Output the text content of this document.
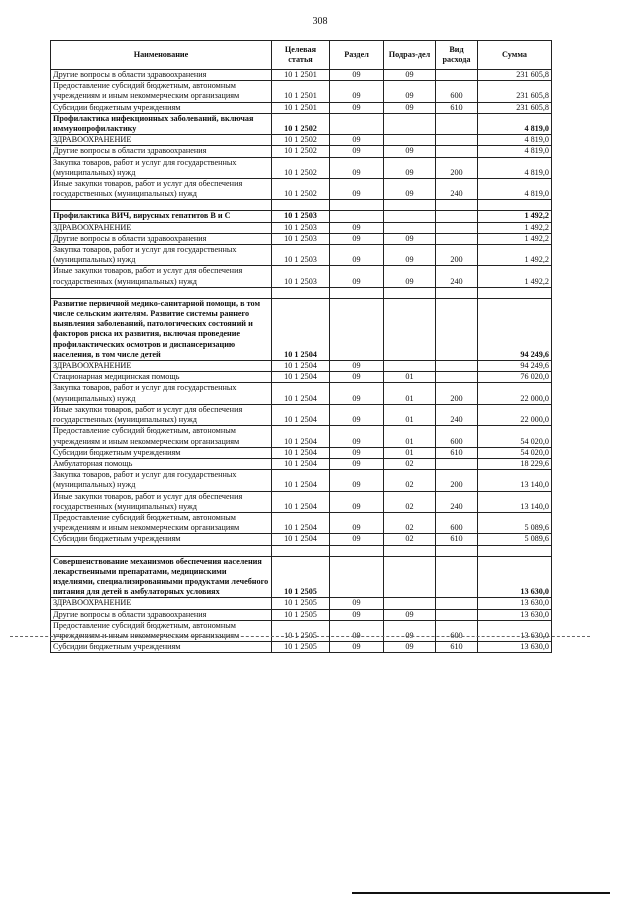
308
Наименование	Целевая статья	Раздел	Подраз-дел	Вид расхода	Сумма
Другие вопросы в области здравоохранения	10 1 2501	09	09		231 605,8
Предоставление субсидий бюджетным, автономным учреждениям и иным некоммерческим организациям	10 1 2501	09	09	600	231 605,8
Субсидии бюджетным учреждениям	10 1 2501	09	09	610	231 605,8
Профилактика инфекционных заболеваний, включая иммунопрофилактику	10 1 2502				4 819,0
ЗДРАВООХРАНЕНИЕ	10 1 2502	09			4 819,0
Другие вопросы в области здравоохранения	10 1 2502	09	09		4 819,0
Закупка товаров, работ и услуг для государственных (муниципальных) нужд	10 1 2502	09	09	200	4 819,0
Иные закупки товаров, работ и услуг для обеспечения государственных (муниципальных) нужд	10 1 2502	09	09	240	4 819,0

Профилактика ВИЧ, вирусных гепатитов В и С	10 1 2503				1 492,2
ЗДРАВООХРАНЕНИЕ	10 1 2503	09			1 492,2
Другие вопросы в области здравоохранения	10 1 2503	09	09		1 492,2
Закупка товаров, работ и услуг для государственных (муниципальных) нужд	10 1 2503	09	09	200	1 492,2
Иные закупки товаров, работ и услуг для обеспечения государственных (муниципальных) нужд	10 1 2503	09	09	240	1 492,2

Развитие первичной медико-санитарной помощи, в том числе сельским жителям. Развитие системы раннего выявления заболеваний, патологических состояний и факторов риска их развития, включая проведение профилактических осмотров и диспансеризацию населения, в том числе детей	10 1 2504				94 249,6
ЗДРАВООХРАНЕНИЕ	10 1 2504	09			94 249,6
Стационарная медицинская помощь	10 1 2504	09	01		76 020,0
Закупка товаров, работ и услуг для государственных (муниципальных) нужд	10 1 2504	09	01	200	22 000,0
Иные закупки товаров, работ и услуг для обеспечения государственных (муниципальных) нужд	10 1 2504	09	01	240	22 000,0
Предоставление субсидий бюджетным, автономным учреждениям и иным некоммерческим организациям	10 1 2504	09	01	600	54 020,0
Субсидии бюджетным учреждениям	10 1 2504	09	01	610	54 020,0
Амбулаторная помощь	10 1 2504	09	02		18 229,6
Закупка товаров, работ и услуг для государственных (муниципальных) нужд	10 1 2504	09	02	200	13 140,0
Иные закупки товаров, работ и услуг для обеспечения государственных (муниципальных) нужд	10 1 2504	09	02	240	13 140,0
Предоставление субсидий бюджетным, автономным учреждениям и иным некоммерческим организациям	10 1 2504	09	02	600	5 089,6
Субсидии бюджетным учреждениям	10 1 2504	09	02	610	5 089,6

Совершенствование механизмов обеспечения населения лекарственными препаратами, медицинскими изделиями, специализированными продуктами лечебного питания для детей в амбулаторных условиях	10 1 2505				13 630,0
ЗДРАВООХРАНЕНИЕ	10 1 2505	09			13 630,0
Другие вопросы в области здравоохранения	10 1 2505	09	09		13 630,0
Предоставление субсидий бюджетным, автономным учреждениям и иным некоммерческим организациям	10 1 2505	09	09	600	13 630,0
Субсидии бюджетным учреждениям	10 1 2505	09	09	610	13 630,0
